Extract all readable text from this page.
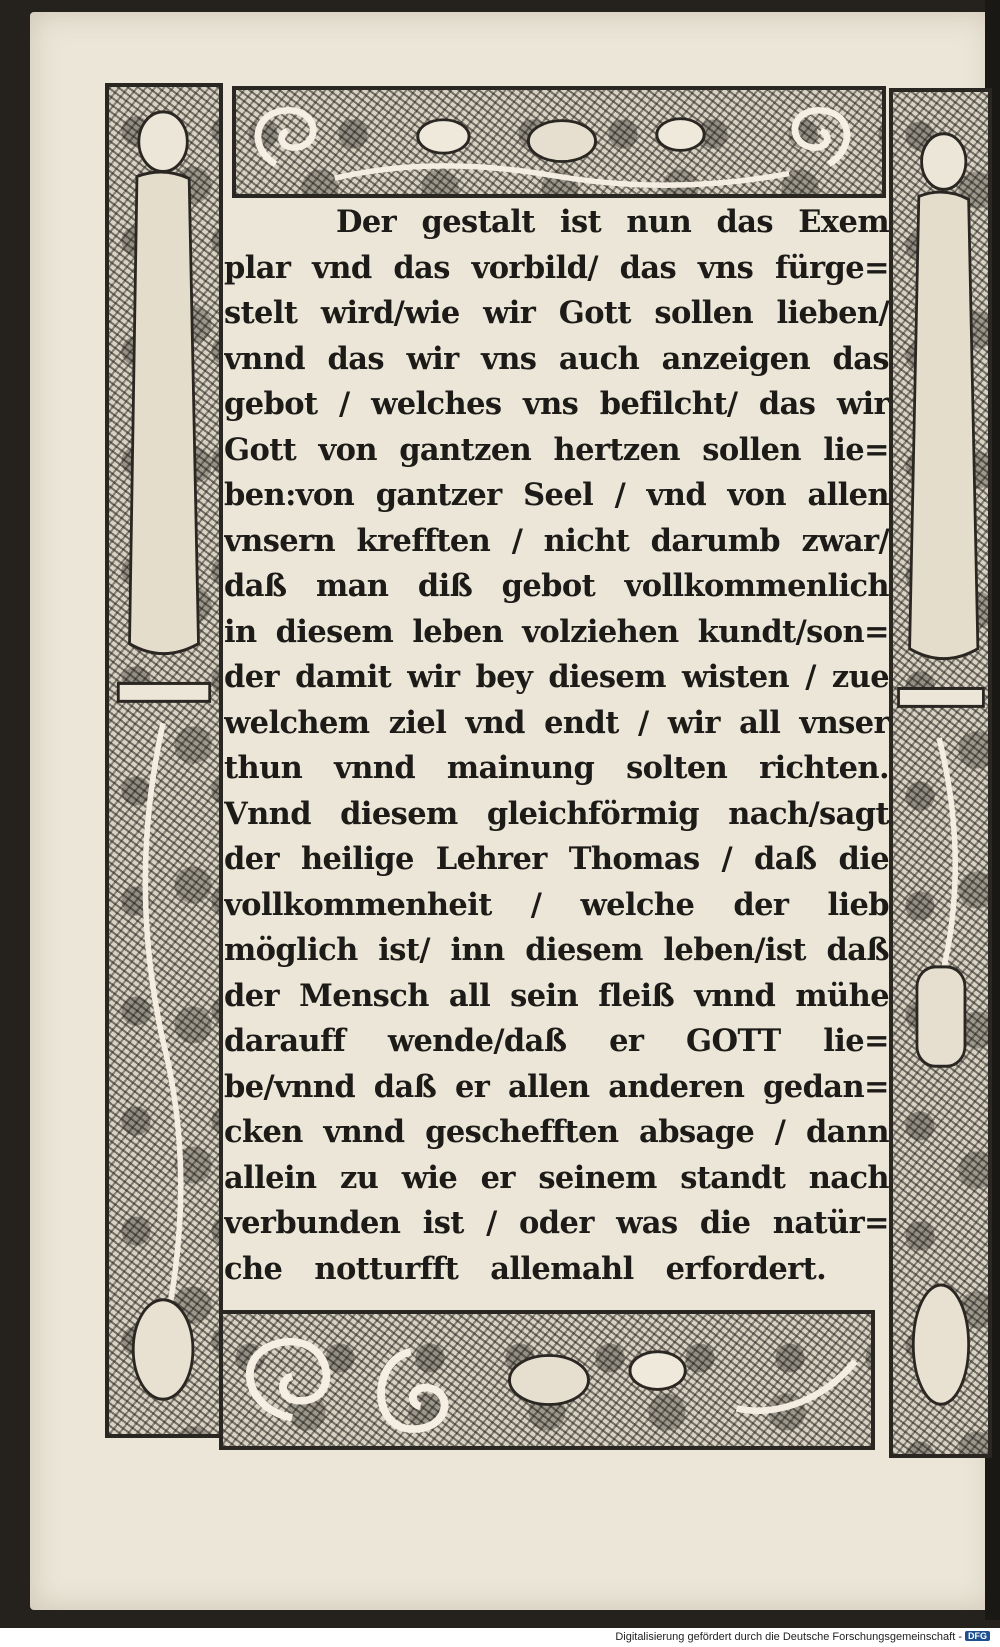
Der gestalt ist nun das Exem
plar vnd das vorbild/ das vns fürge=
stelt wird/wie wir Gott sollen lieben/
vnnd das wir vns auch anzeigen das
gebot / welches vns befilcht/ das wir
Gott von gantzen hertzen sollen lie=
ben:von gantzer Seel / vnd von allen
vnsern krefften / nicht darumb zwar/
daß man diß gebot vollkommenlich
in diesem leben volziehen kundt/son=
der damit wir bey diesem wisten / zue
welchem ziel vnd endt / wir all vnser
thun vnnd mainung solten richten.
Vnnd diesem gleichförmig nach/sagt
der heilige Lehrer Thomas / daß die
vollkommenheit / welche der lieb
möglich ist/ inn diesem leben/ist daß
der Mensch all sein fleiß vnnd mühe
darauff wende/daß er GOTT lie=
be/vnnd daß er allen anderen gedan=
cken vnnd geschefften absage / dann
allein zu wie er seinem standt nach
verbunden ist / oder was die natür=
che notturfft allemahl erfordert.
Digitalisierung gefördert durch die Deutsche Forschungsgemeinschaft - DFG
